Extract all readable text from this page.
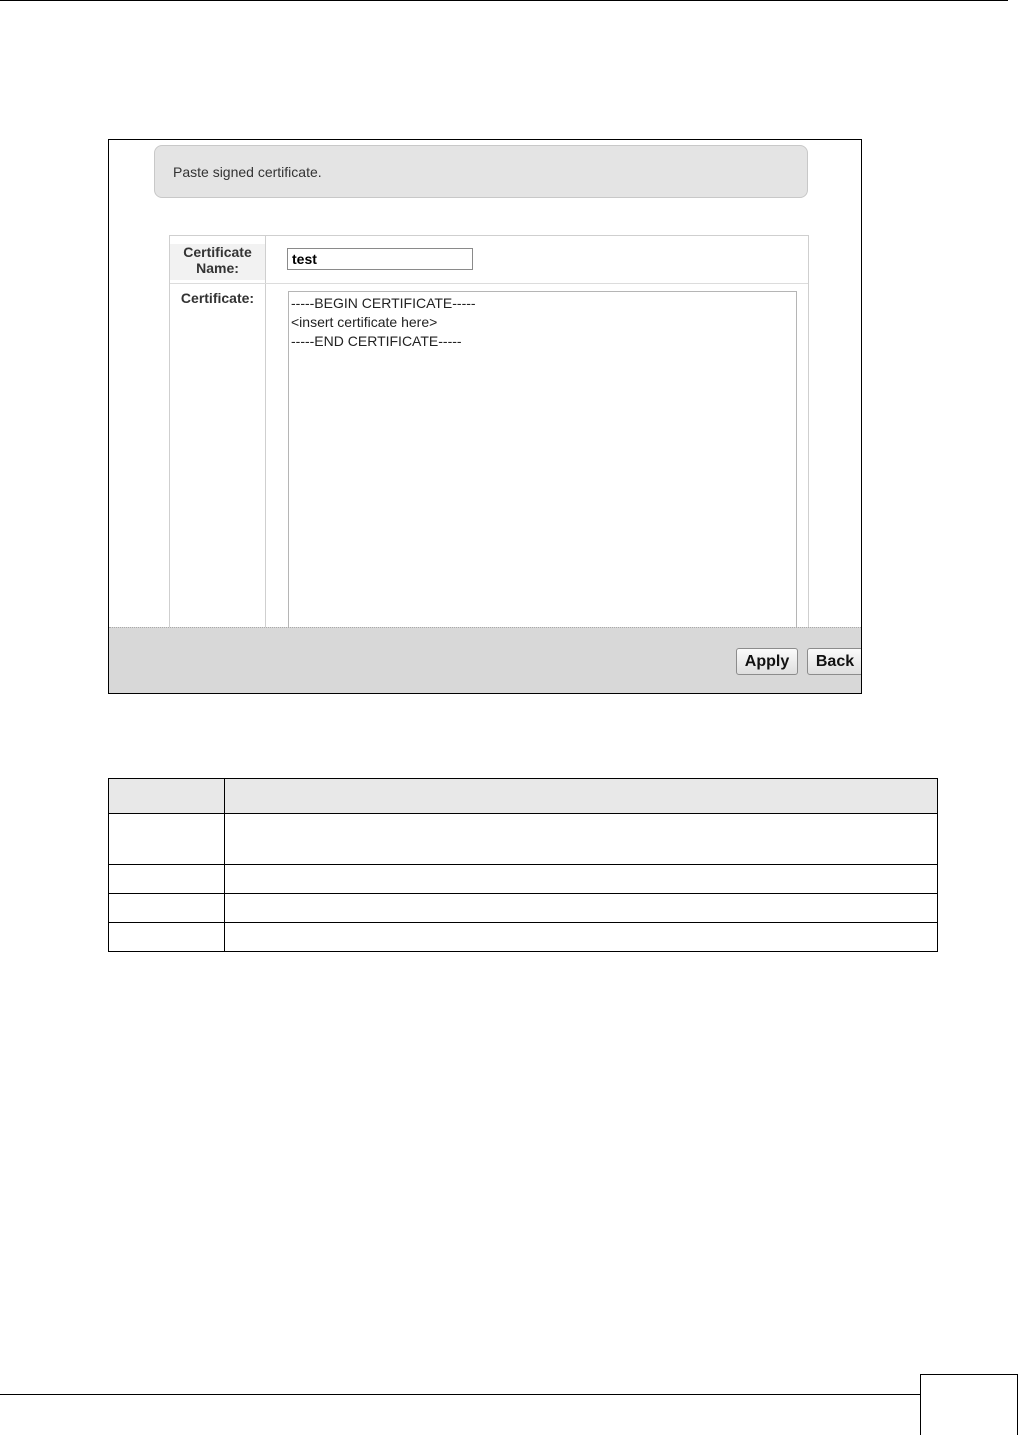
Paste signed certificate.
Certificate Name:
test
Certificate:
-----BEGIN CERTIFICATE----- <insert certificate here> -----END CERTIFICATE-----
Apply	Back
